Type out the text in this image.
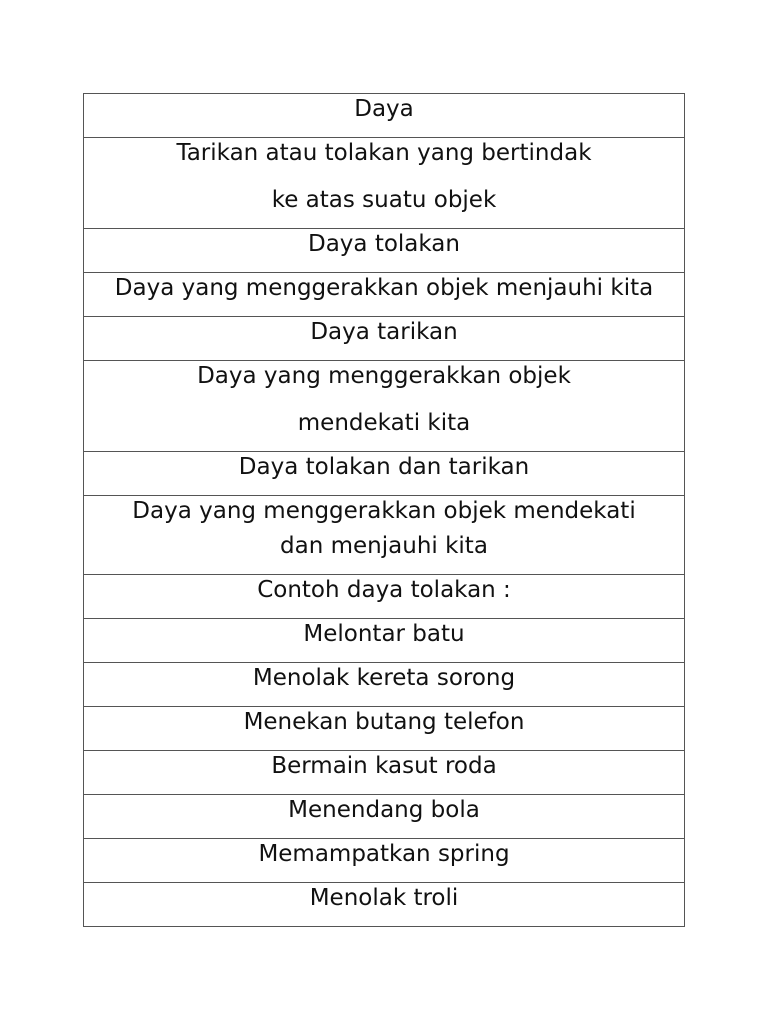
Daya
Tarikan atau tolakan yang bertindak
ke atas suatu objek
Daya tolakan
Daya yang menggerakkan objek menjauhi kita
Daya tarikan
Daya yang menggerakkan objek
mendekati kita
Daya tolakan dan tarikan
Daya yang menggerakkan objek mendekati
dan menjauhi kita
Contoh daya tolakan :
Melontar batu
Menolak kereta sorong
Menekan butang telefon
Bermain kasut roda
Menendang bola
Memampatkan spring
Menolak troli
